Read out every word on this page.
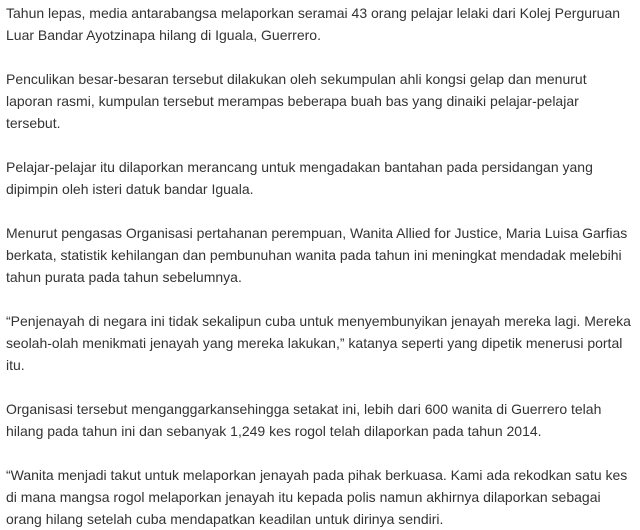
Tahun lepas, media antarabangsa melaporkan seramai 43 orang pelajar lelaki dari Kolej Perguruan
Luar Bandar Ayotzinapa hilang di Iguala, Guerrero.

Penculikan besar-besaran tersebut dilakukan oleh sekumpulan ahli kongsi gelap dan menurut
laporan rasmi, kumpulan tersebut merampas beberapa buah bas yang dinaiki pelajar-pelajar
tersebut.

Pelajar-pelajar itu dilaporkan merancang untuk mengadakan bantahan pada persidangan yang
dipimpin oleh isteri datuk bandar Iguala.

Menurut pengasas Organisasi pertahanan perempuan, Wanita Allied for Justice, Maria Luisa Garfias
berkata, statistik kehilangan dan pembunuhan wanita pada tahun ini meningkat mendadak melebihi
tahun purata pada tahun sebelumnya.

“Penjenayah di negara ini tidak sekalipun cuba untuk menyembunyikan jenayah mereka lagi. Mereka
seolah-olah menikmati jenayah yang mereka lakukan,” katanya seperti yang dipetik menerusi portal
itu.

Organisasi tersebut menganggarkansehingga setakat ini, lebih dari 600 wanita di Guerrero telah
hilang pada tahun ini dan sebanyak 1,249 kes rogol telah dilaporkan pada tahun 2014.

“Wanita menjadi takut untuk melaporkan jenayah pada pihak berkuasa. Kami ada rekodkan satu kes
di mana mangsa rogol melaporkan jenayah itu kepada polis namun akhirnya dilaporkan sebagai
orang hilang setelah cuba mendapatkan keadilan untuk dirinya sendiri.
